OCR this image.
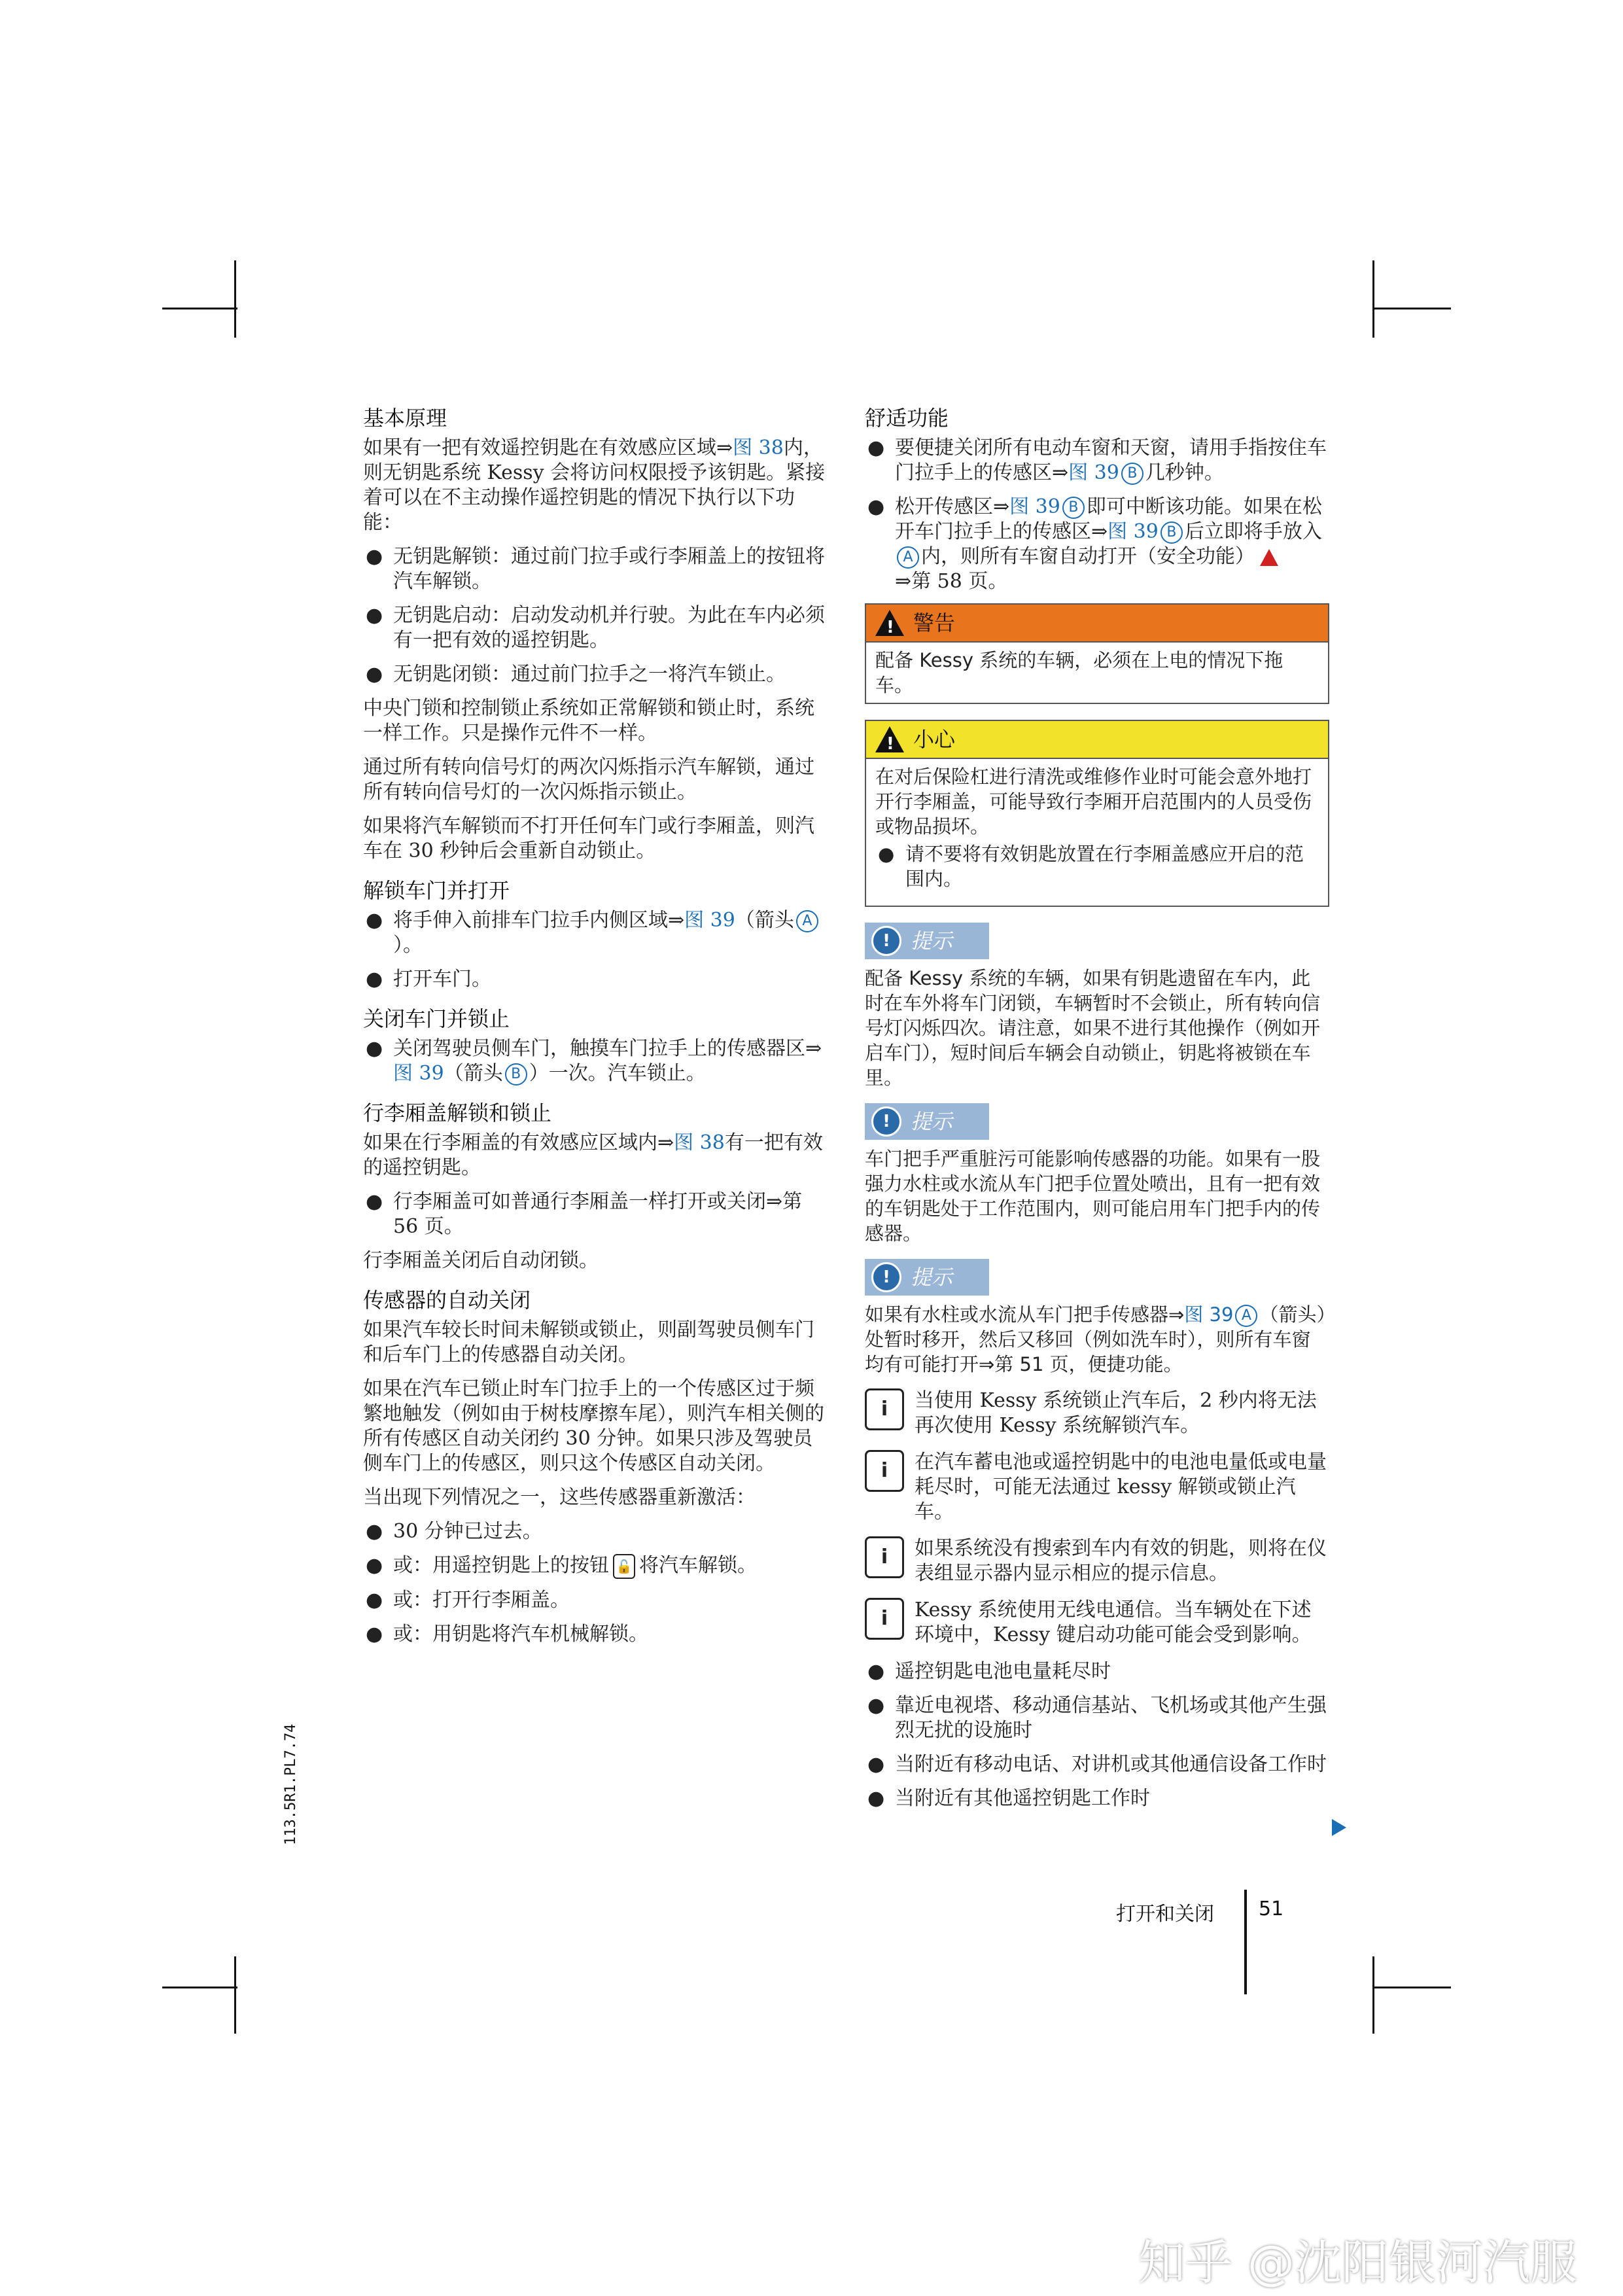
基本原理

如果有一把有效遥控钥匙在有效感应区域⇒图 38内，则无钥匙系统 Kessy 会将访问权限授予该钥匙。紧接着可以在不主动操作遥控钥匙的情况下执行以下功能：

● 无钥匙解锁：通过前门拉手或行李厢盖上的按钮将汽车解锁。
● 无钥匙启动：启动发动机并行驶。为此在车内必须有一把有效的遥控钥匙。
● 无钥匙闭锁：通过前门拉手之一将汽车锁止。

中央门锁和控制锁止系统如正常解锁和锁止时，系统一样工作。只是操作元件不一样。

通过所有转向信号灯的两次闪烁指示汽车解锁，通过所有转向信号灯的一次闪烁指示锁止。

如果将汽车解锁而不打开任何车门或行李厢盖，则汽车在 30 秒钟后会重新自动锁止。

解锁车门并打开
● 将手伸入前排车门拉手内侧区域⇒图 39（箭头 A）。
● 打开车门。
关闭车门并锁止
● 关闭驾驶员侧车门，触摸车门拉手上的传感器区⇒图 39（箭头 B ）一次。汽车锁止。
行李厢盖解锁和锁止

如果在行李厢盖的有效感应区域内⇒图 38有一把有效的遥控钥匙。

● 行李厢盖可如普通行李厢盖一样打开或关闭⇒第 56 页。

行李厢盖关闭后自动闭锁。

传感器的自动关闭

如果汽车较长时间未解锁或锁止，则副驾驶员侧车门和后车门上的传感器自动关闭。

如果在汽车已锁止时车门拉手上的一个传感区过于频繁地触发（例如由于树枝摩擦车尾），则汽车相关侧的所有传感区自动关闭约 30 分钟。如果只涉及驾驶员侧车门上的传感区，则只这个传感区自动关闭。

当出现下列情况之一，这些传感器重新激活：

● 30 分钟已过去。
● 或：用遥控钥匙上的按钮 🔓 将汽车解锁。
● 或：打开行李厢盖。
● 或：用钥匙将汽车机械解锁。
舒适功能
● 要便捷关闭所有电动车窗和天窗，请用手指按住车门拉手上的传感区⇒图 39 B 几秒钟。
● 松开传感区⇒图 39 B 即可中断该功能。如果在松开车门拉手上的传感区⇒图 39 B 后立即将手放入A 内，则所有车窗自动打开（安全功能）
⇒第 58 页。
!
警告
配备 Kessy 系统的车辆，必须在上电的情况下拖车。
!
小心

在对后保险杠进行清洗或维修作业时可能会意外地打开行李厢盖，可能导致行李厢开启范围内的人员受伤或物品损坏。

● 请不要将有效钥匙放置在行李厢盖感应开启的范围内。
! 提示
配备 Kessy 系统的车辆，如果有钥匙遗留在车内，此时在车外将车门闭锁，车辆暂时不会锁止，所有转向信号灯闪烁四次。请注意，如果不进行其他操作（例如开启车门），短时间后车辆会自动锁止，钥匙将被锁在车里。
! 提示
车门把手严重脏污可能影响传感器的功能。如果有一股强力水柱或水流从车门把手位置处喷出，且有一把有效的车钥匙处于工作范围内，则可能启用车门把手内的传感器。
! 提示
如果有水柱或水流从车门把手传感器⇒图 39 A （箭头）处暂时移开，然后又移回（例如洗车时），则所有车窗均有可能打开⇒第 51 页，便捷功能。
i	当使用 Kessy 系统锁止汽车后，2 秒内将无法再次使用 Kessy 系统解锁汽车。
i	在汽车蓄电池或遥控钥匙中的电池电量低或电量耗尽时，可能无法通过 kessy 解锁或锁止汽车。
i	如果系统没有搜索到车内有效的钥匙，则将在仪表组显示器内显示相应的提示信息。
i	Kessy 系统使用无线电通信。当车辆处在下述环境中，Kessy 键启动功能可能会受到影响。
● 遥控钥匙电池电量耗尽时
● 靠近电视塔、移动通信基站、飞机场或其他产生强烈无扰的设施时
● 当附近有移动电话、对讲机或其他通信设备工作时
● 当附近有其他遥控钥匙工作时
打开和关闭 51
113.5R1.PL7.74
知乎 @沈阳银河汽服
